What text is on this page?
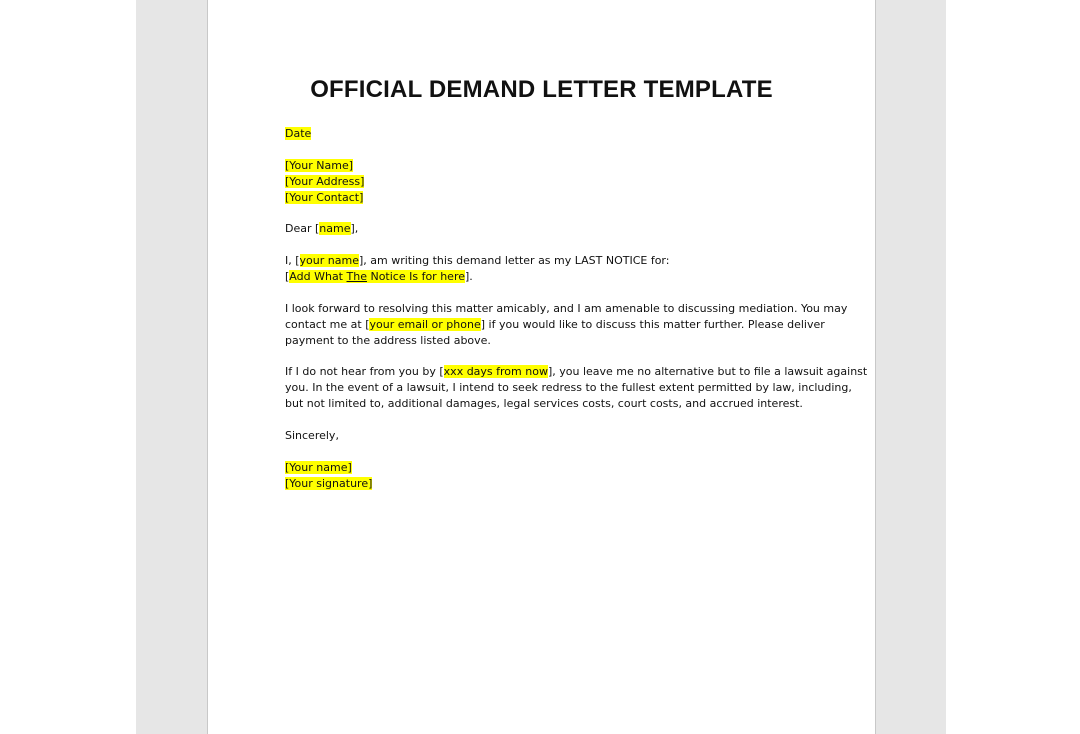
OFFICIAL DEMAND LETTER TEMPLATE
Date
[Your Name]
[Your Address]
[Your Contact]
Dear [name],
I, [your name], am writing this demand letter as my LAST NOTICE for:
[Add What The Notice Is for here].
I look forward to resolving this matter amicably, and I am amenable to discussing mediation. You may
contact me at [your email or phone] if you would like to discuss this matter further. Please deliver
payment to the address listed above.
If I do not hear from you by [xxx days from now], you leave me no alternative but to file a lawsuit against
you. In the event of a lawsuit, I intend to seek redress to the fullest extent permitted by law, including,
but not limited to, additional damages, legal services costs, court costs, and accrued interest.
Sincerely,
[Your name]
[Your signature]
